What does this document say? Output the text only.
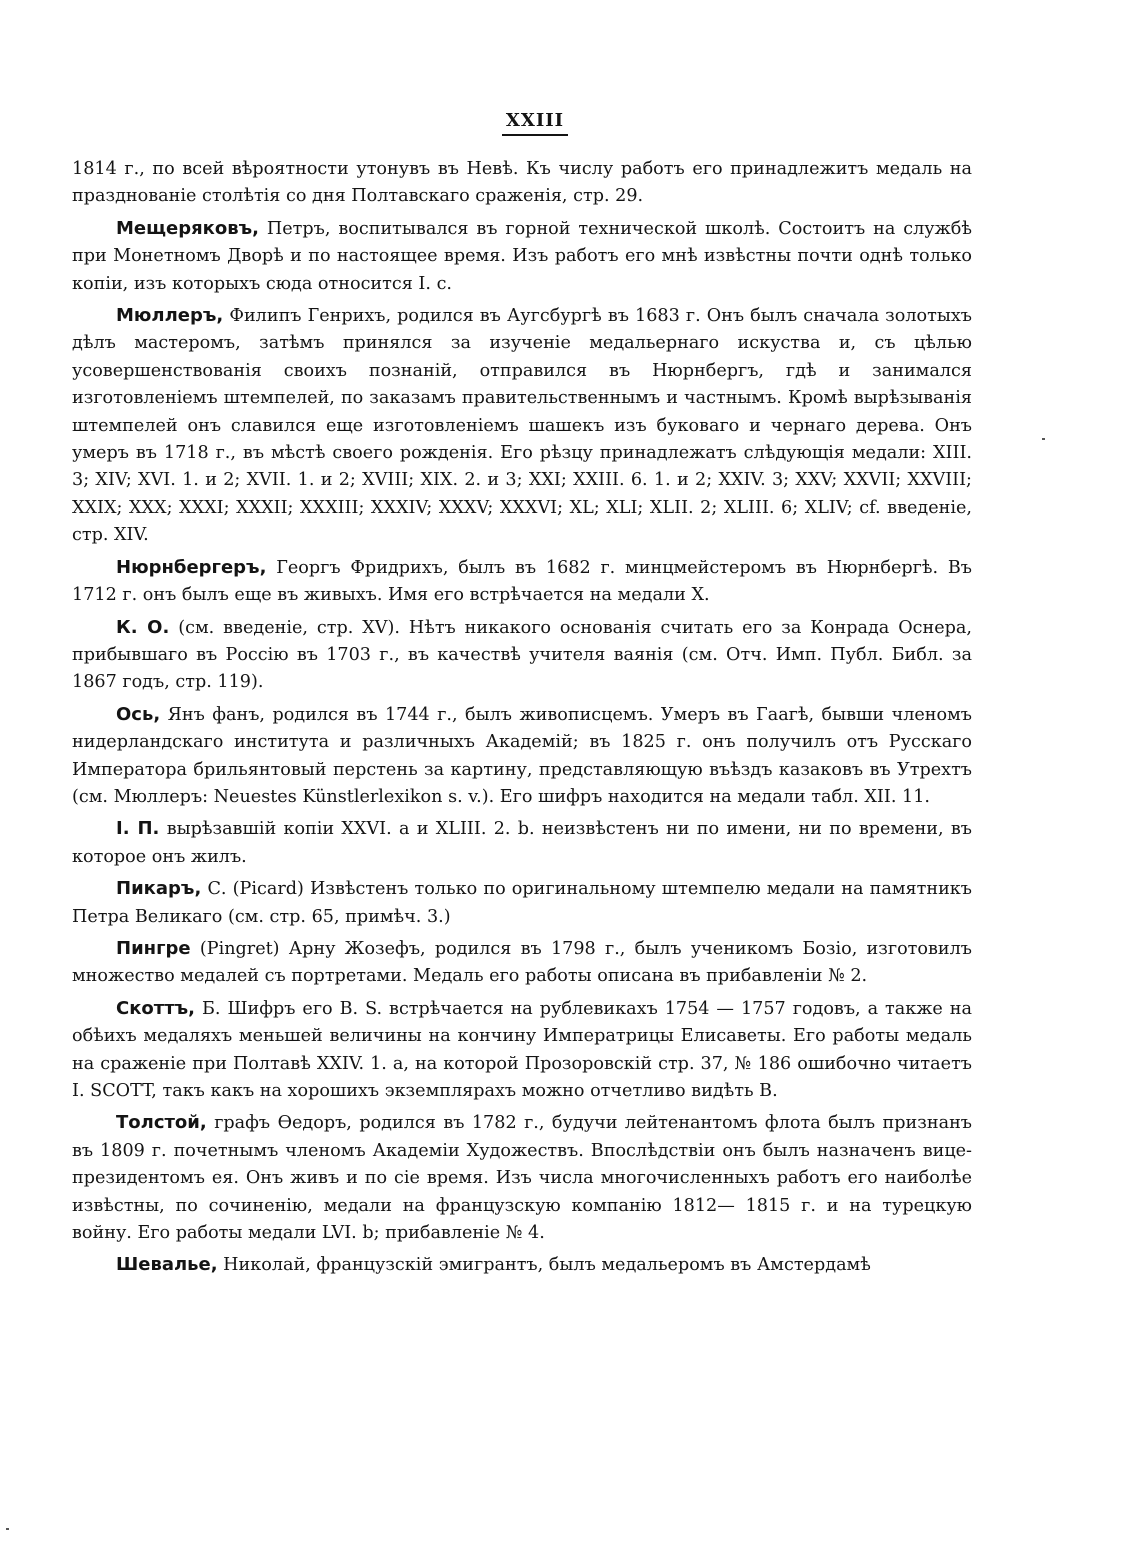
XXIII

1814 г., по всей вѣроятности утонувъ въ Невѣ. Къ числу работъ его принадлежитъ медаль на празднованіе столѣтія со дня Полтавскаго сраженія, стр. 29.

Мещеряковъ, Петръ, воспитывался въ горной технической школѣ. Состоитъ на службѣ при Монетномъ Дворѣ и по настоящее время. Изъ работъ его мнѣ извѣстны почти однѣ только копіи, изъ которыхъ сюда относится I. c.

Мюллеръ, Филипъ Генрихъ, родился въ Аугсбургѣ въ 1683 г. Онъ былъ сначала золотыхъ дѣлъ мастеромъ, затѣмъ принялся за изученіе медальернаго искуства и, съ цѣлью усовершенствованія своихъ познаній, отправился въ Нюрнбергъ, гдѣ и занимался изготовленіемъ штемпелей, по заказамъ правительственнымъ и частнымъ. Кромѣ вырѣзыванія штемпелей онъ славился еще изготовленіемъ шашекъ изъ буковаго и чернаго дерева. Онъ умеръ въ 1718 г., въ мѣстѣ своего рожденія. Его рѣзцу принадлежатъ слѣдующія медали: XIII. 3; XIV; XVI. 1. и 2; XVII. 1. и 2; XVIII; XIX. 2. и 3; XXI; XXIII. 6. 1. и 2; XXIV. 3; XXV; XXVII; XXVIII; XXIX; XXX; XXXI; XXXII; XXXIII; XXXIV; XXXV; XXXVI; XL; XLI; XLII. 2; XLIII. 6; XLIV; cf. введеніе, стр. XIV.

Нюрнбергеръ, Георгъ Фридрихъ, былъ въ 1682 г. минцмейстеромъ въ Нюрнбергѣ. Въ 1712 г. онъ былъ еще въ живыхъ. Имя его встрѣчается на медали X.

К. О. (см. введеніе, стр. XV). Нѣтъ никакого основанія считать его за Конрада Оснера, прибывшаго въ Россію въ 1703 г., въ качествѣ учителя ваянія (см. Отч. Имп. Публ. Библ. за 1867 годъ, стр. 119).

Ось, Янъ фанъ, родился въ 1744 г., былъ живописцемъ. Умеръ въ Гаагѣ, бывши членомъ нидерландскаго института и различныхъ Академій; въ 1825 г. онъ получилъ отъ Русскаго Императора брильянтовый перстень за картину, представляющую въѣздъ казаковъ въ Утрехтъ (см. Мюллеръ: Neuestes Künstlerlexikon s. v.). Его шифръ находится на медали табл. XII. 11.

I. П. вырѣзавшій копіи XXVI. a и XLIII. 2. b. неизвѣстенъ ни по имени, ни по времени, въ которое онъ жилъ.

Пикаръ, С. (Picard) Извѣстенъ только по оригинальному штемпелю медали на памятникъ Петра Великаго (см. стр. 65, примѣч. 3.)

Пингре (Pingret) Арну Жозефъ, родился въ 1798 г., былъ ученикомъ Бозіо, изготовилъ множество медалей съ портретами. Медаль его работы описана въ прибавленіи № 2.

Скоттъ, Б. Шифръ его B. S. встрѣчается на рублевикахъ 1754 — 1757 годовъ, а также на обѣихъ медаляхъ меньшей величины на кончину Императрицы Елисаветы. Его работы медаль на сраженіе при Полтавѣ XXIV. 1. a, на которой Прозоровскій стр. 37, № 186 ошибочно читаетъ I. SCOTT, такъ какъ на хорошихъ экземплярахъ можно отчетливо видѣть B.

Толстой, графъ Ѳедоръ, родился въ 1782 г., будучи лейтенантомъ флота былъ признанъ въ 1809 г. почетнымъ членомъ Академіи Художествъ. Впослѣдствіи онъ былъ назначенъ вице-президентомъ ея. Онъ живъ и по сіе время. Изъ числа многочисленныхъ работъ его наиболѣе извѣстны, по сочиненію, медали на французскую компанію 1812— 1815 г. и на турецкую войну. Его работы медали LVI. b; прибавленіе № 4.

Шевалье, Николай, французскій эмигрантъ, былъ медальеромъ въ Амстердамѣ
